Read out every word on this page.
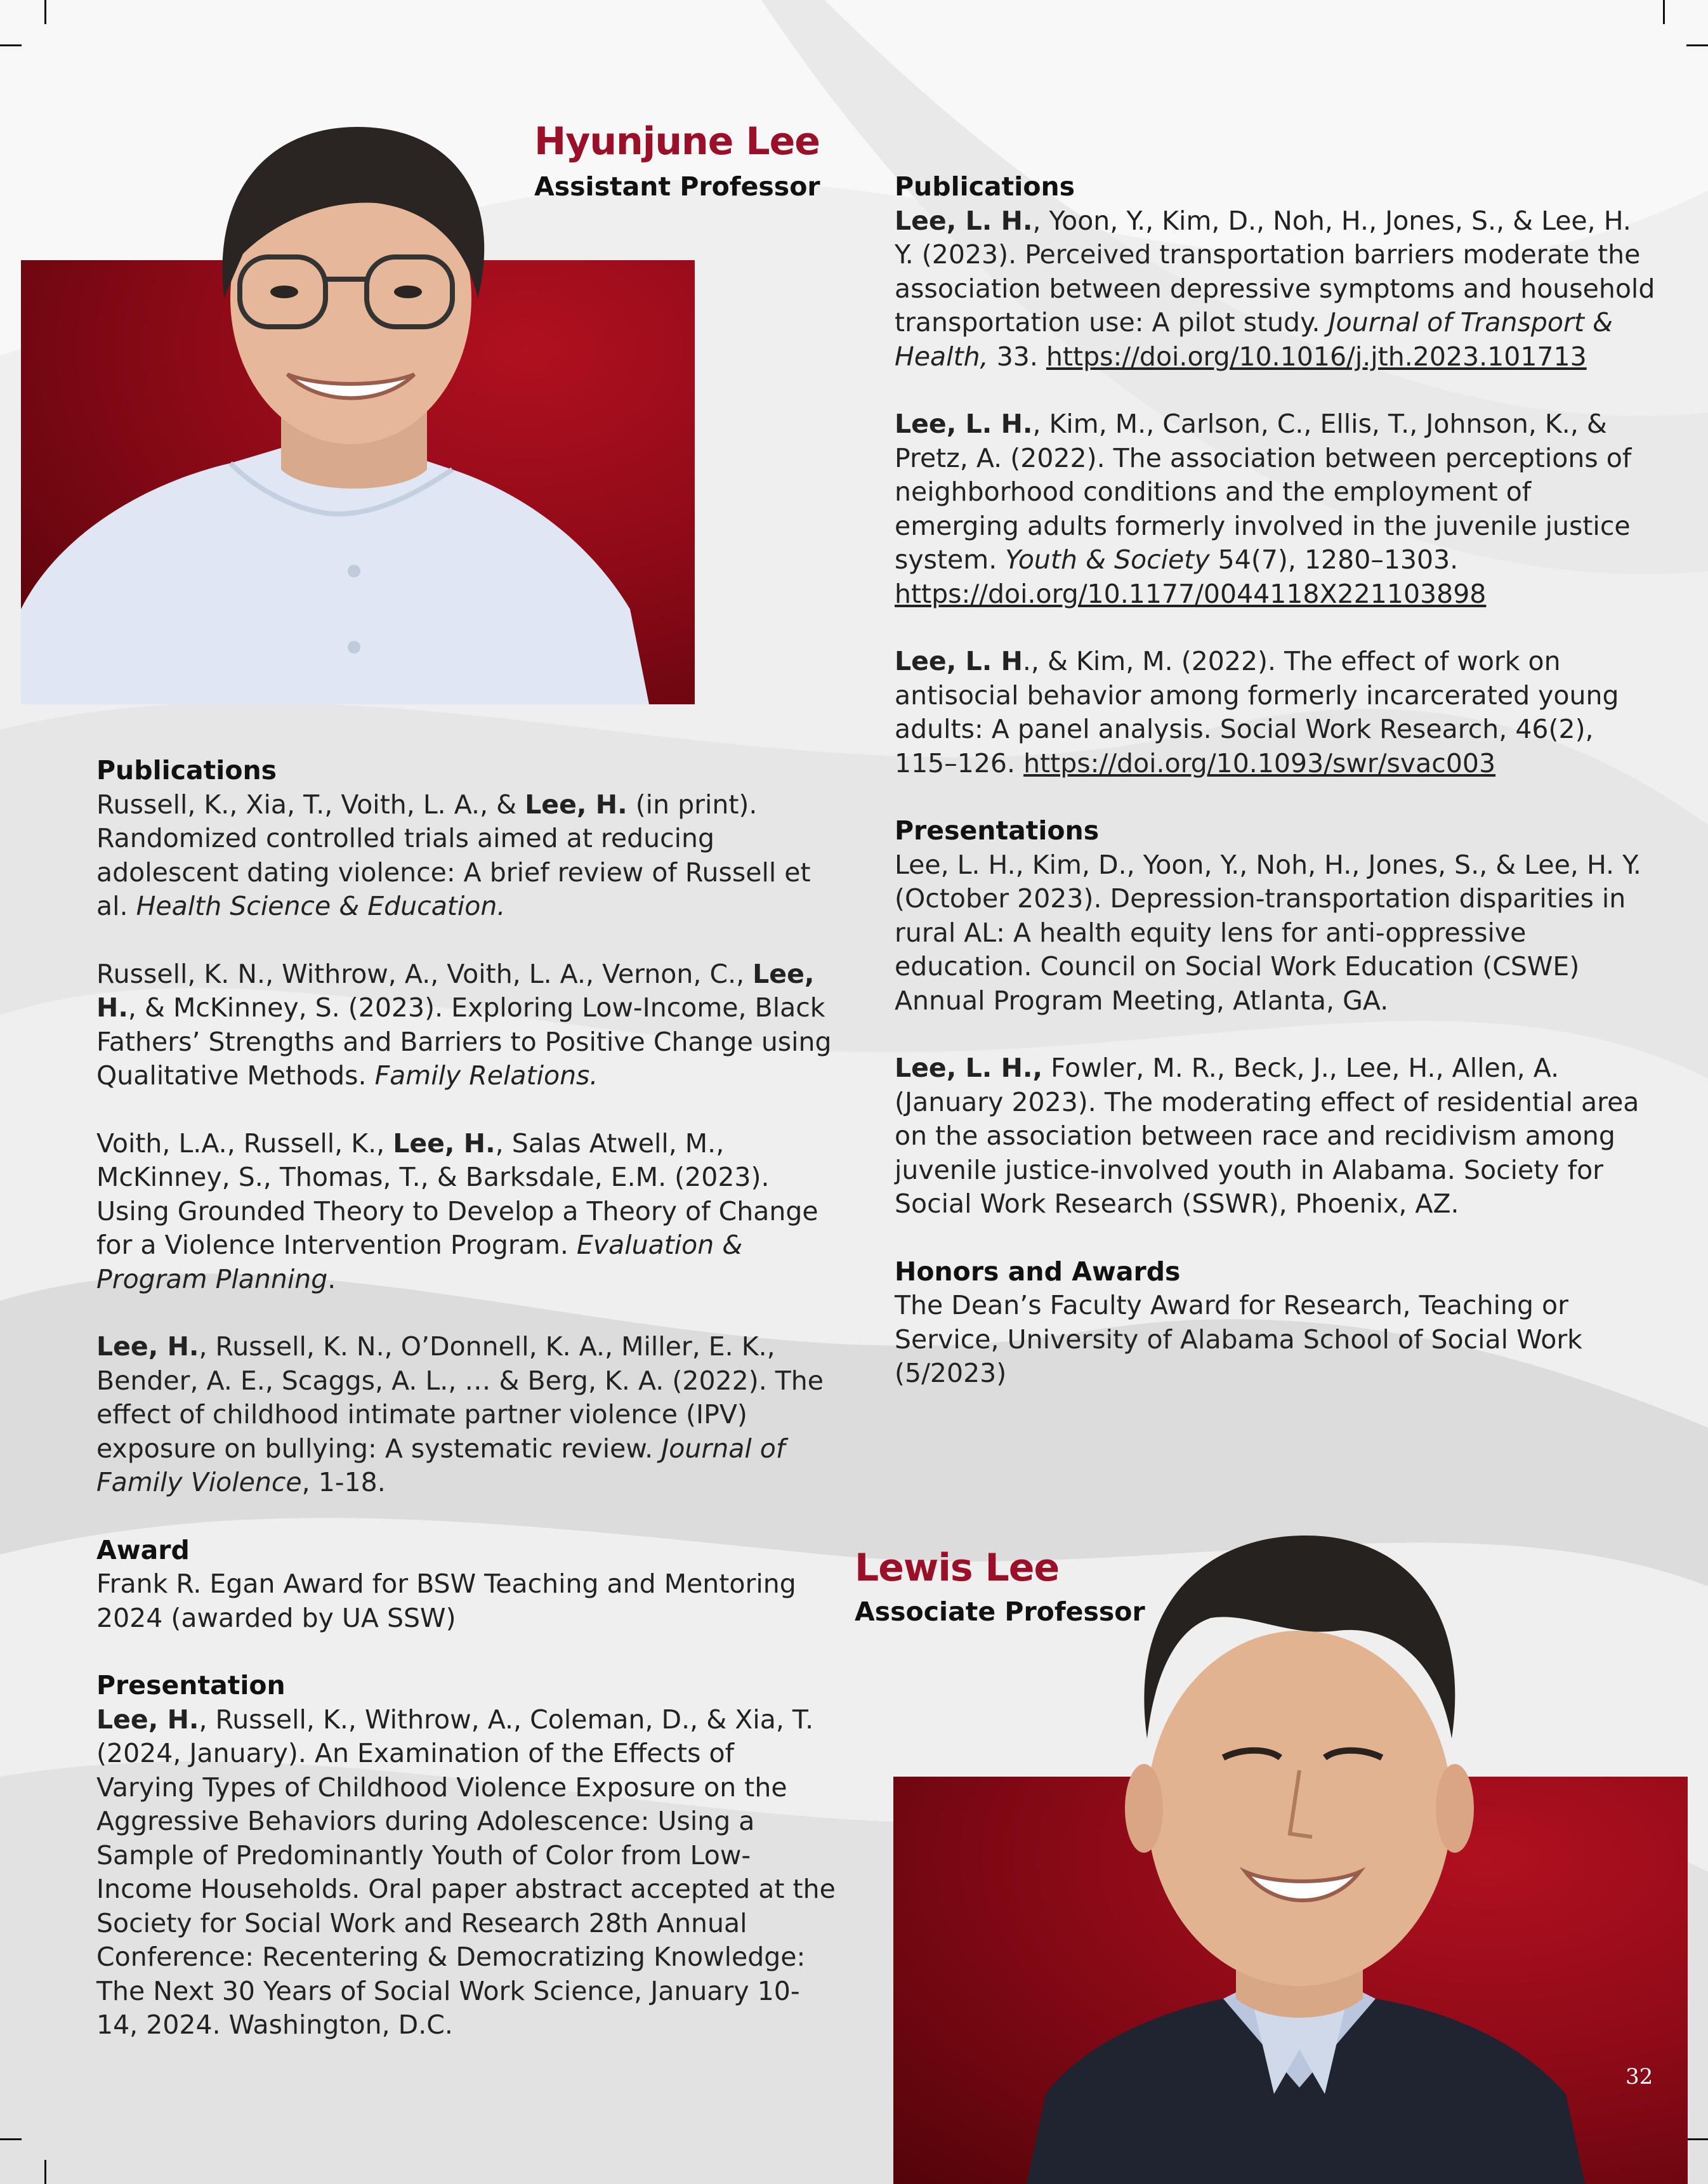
Hyunjune Lee
Assistant Professor
Publications
Russell, K., Xia, T., Voith, L. A., & Lee, H. (in print). Randomized controlled trials aimed at reducing adolescent dating violence: A brief review of Russell et al. Health Science & Education.
Russell, K. N., Withrow, A., Voith, L. A., Vernon, C., Lee, H., & McKinney, S. (2023). Exploring Low-Income, Black Fathers’ Strengths and Barriers to Positive Change using Qualitative Methods. Family Relations.
Voith, L.A., Russell, K., Lee, H., Salas Atwell, M., McKinney, S., Thomas, T., & Barksdale, E.M. (2023). Using Grounded Theory to Develop a Theory of Change for a Violence Intervention Program. Evaluation & Program Planning.
Lee, H., Russell, K. N., O’Donnell, K. A., Miller, E. K., Bender, A. E., Scaggs, A. L., … & Berg, K. A. (2022). The effect of childhood intimate partner violence (IPV) exposure on bullying: A systematic review. Journal of Family Violence, 1-18.
Award
Frank R. Egan Award for BSW Teaching and Mentoring 2024 (awarded by UA SSW)
Presentation
Lee, H., Russell, K., Withrow, A., Coleman, D., & Xia, T. (2024, January). An Examination of the Effects of Varying Types of Childhood Violence Exposure on the Aggressive Behaviors during Adolescence: Using a Sample of Predominantly Youth of Color from Low-Income Households. Oral paper abstract accepted at the Society for Social Work and Research 28th Annual Conference: Recentering & Democratizing Knowledge: The Next 30 Years of Social Work Science, January 10-14, 2024. Washington, D.C.
Publications
Lee, L. H., Yoon, Y., Kim, D., Noh, H., Jones, S., & Lee, H. Y. (2023). Perceived transportation barriers moderate the association between depressive symptoms and household transportation use: A pilot study. Journal of Transport & Health, 33. https://doi.org/10.1016/j.jth.2023.101713
Lee, L. H., Kim, M., Carlson, C., Ellis, T., Johnson, K., & Pretz, A. (2022). The association between perceptions of neighborhood conditions and the employment of emerging adults formerly involved in the juvenile justice system. Youth & Society 54(7), 1280–1303. https://doi.org/10.1177/0044118X221103898
Lee, L. H., & Kim, M. (2022). The effect of work on antisocial behavior among formerly incarcerated young adults: A panel analysis. Social Work Research, 46(2), 115–126. https://doi.org/10.1093/swr/svac003
Presentations
Lee, L. H., Kim, D., Yoon, Y., Noh, H., Jones, S., & Lee, H. Y. (October 2023). Depression-transportation disparities in rural AL: A health equity lens for anti-oppressive education. Council on Social Work Education (CSWE) Annual Program Meeting, Atlanta, GA.
Lee, L. H., Fowler, M. R., Beck, J., Lee, H., Allen, A. (January 2023). The moderating effect of residential area on the association between race and recidivism among juvenile justice-involved youth in Alabama. Society for Social Work Research (SSWR), Phoenix, AZ.
Honors and Awards
The Dean’s Faculty Award for Research, Teaching or Service, University of Alabama School of Social Work (5/2023)
Lewis Lee
Associate Professor
32
